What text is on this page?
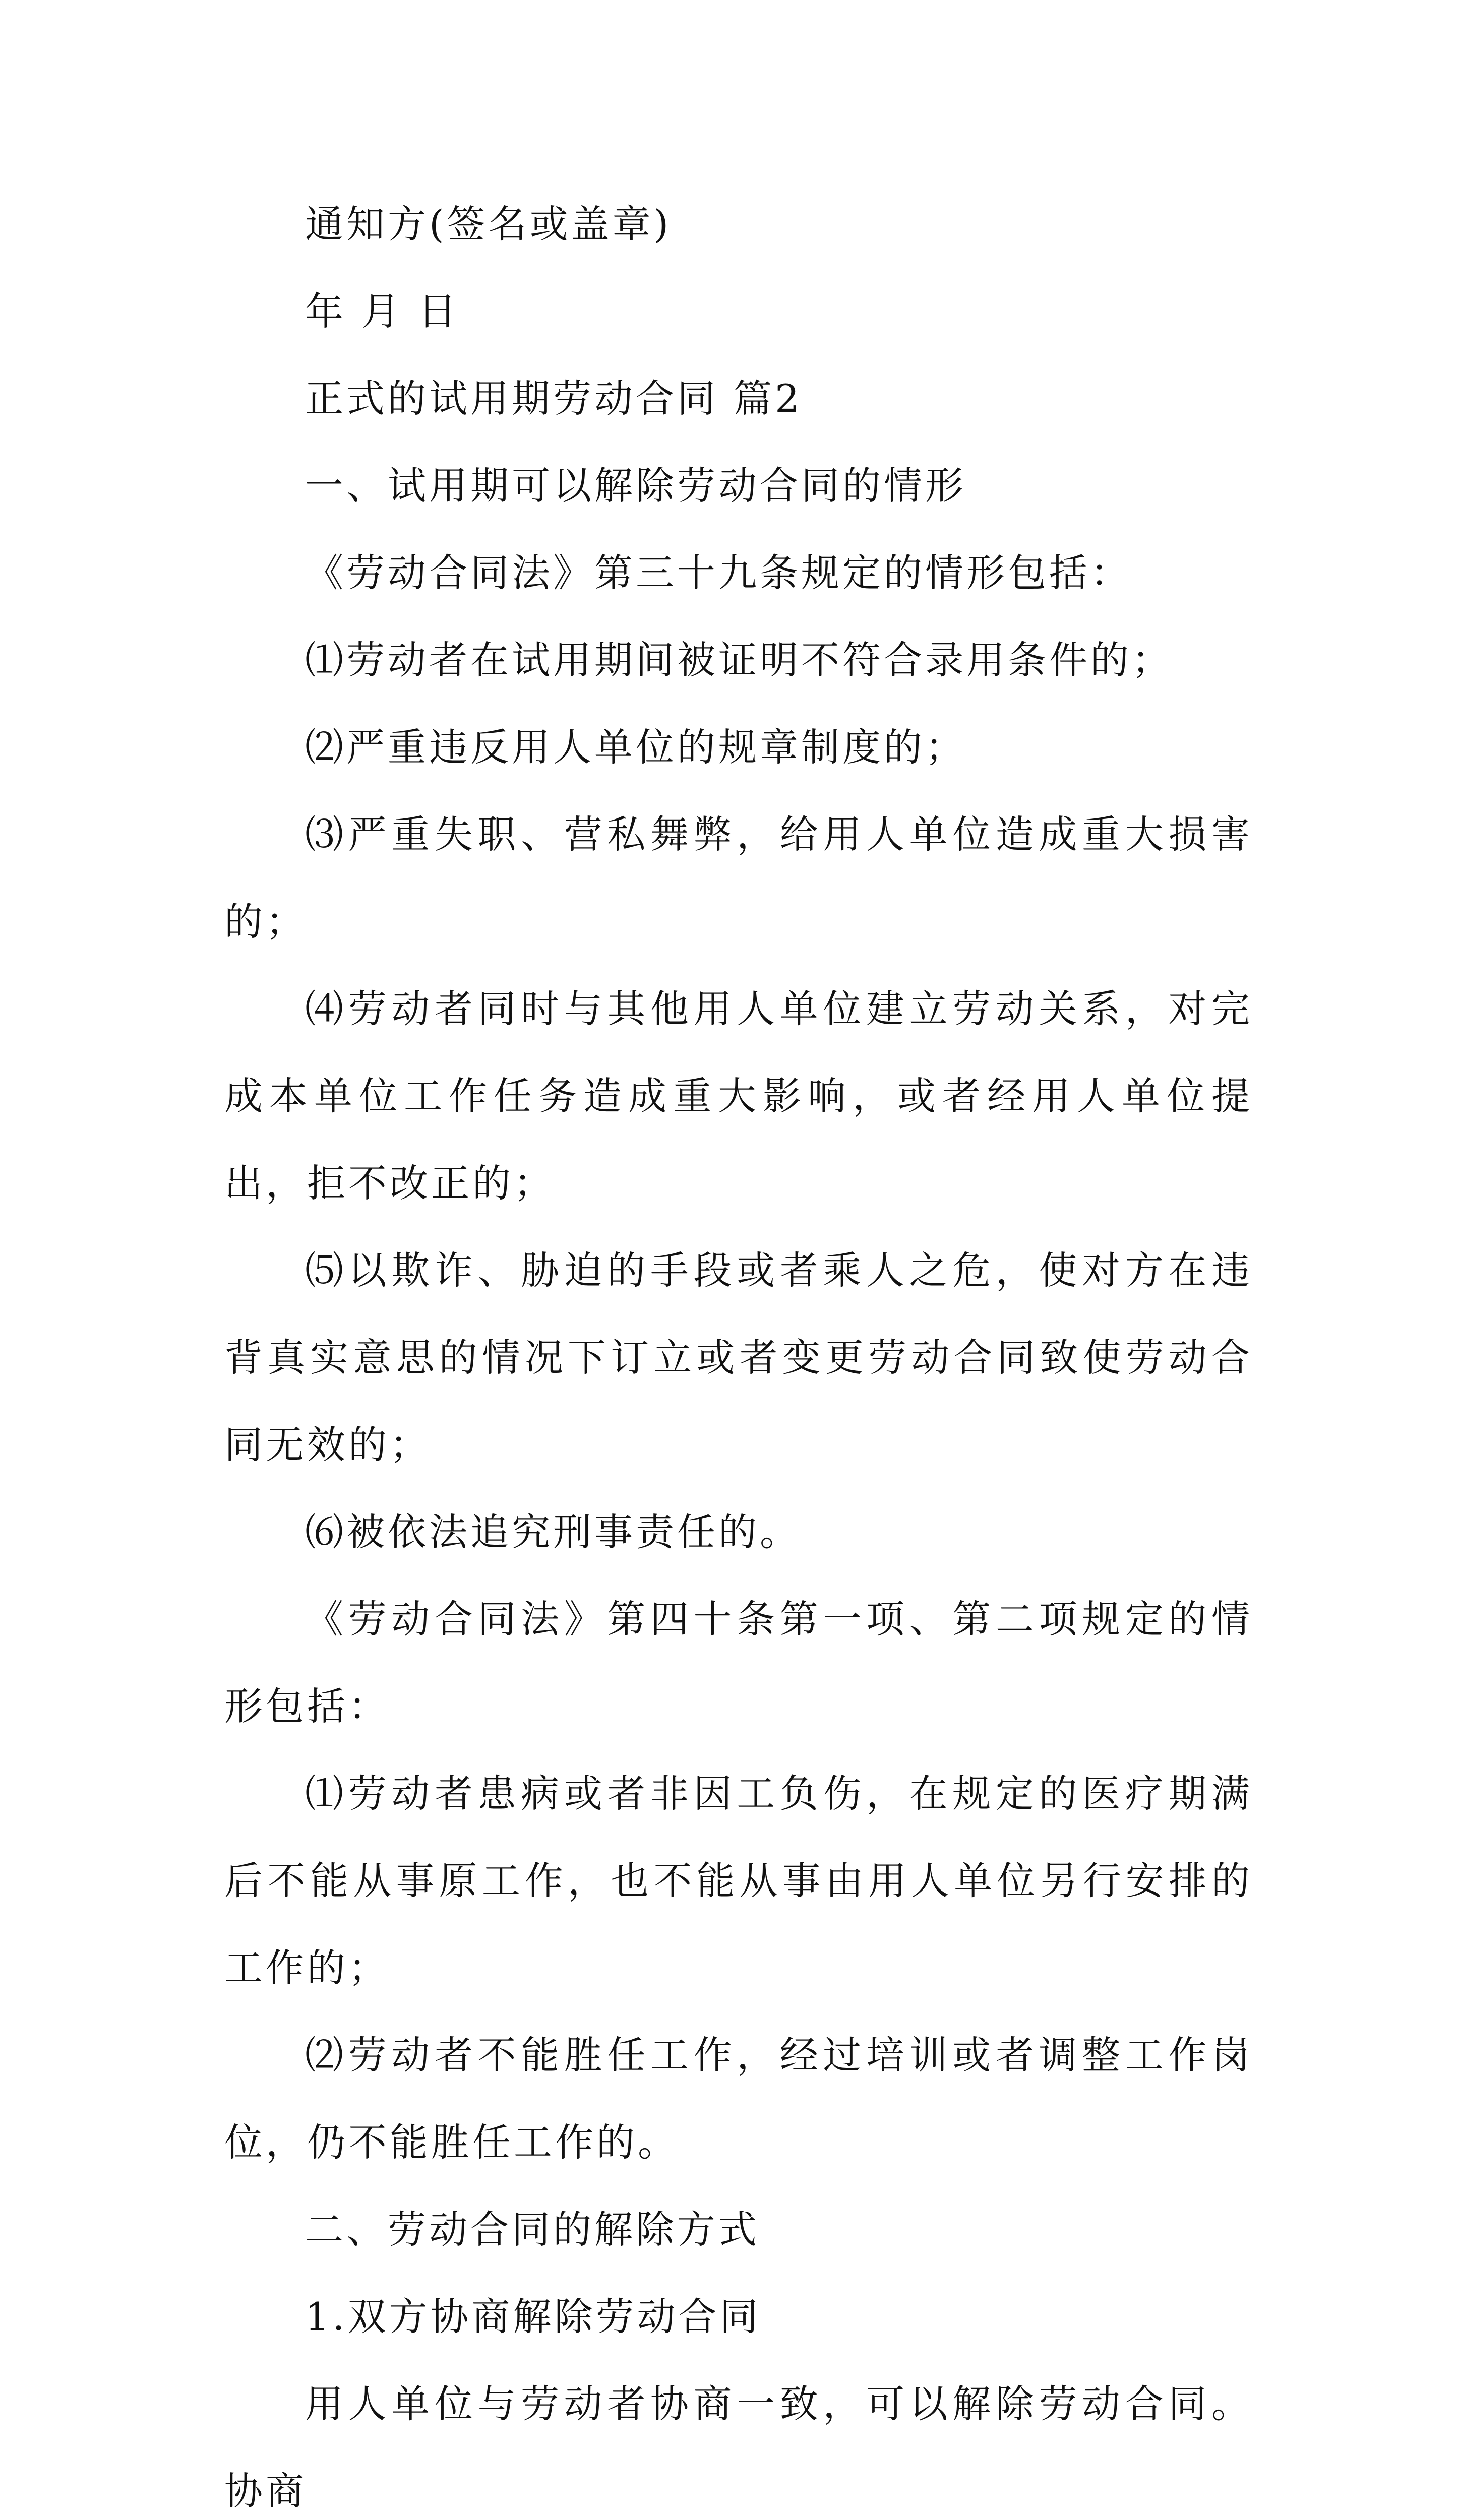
通知方(签名或盖章)

年 月 日

正式的试用期劳动合同 篇2

一、试用期可以解除劳动合同的情形

《劳动合同法》第三十九条规定的情形包括：

⑴劳动者在试用期间被证明不符合录用条件的；

⑵严重违反用人单位的规章制度的；

⑶严重失职、营私舞弊，给用人单位造成重大损害的；

⑷劳动者同时与其他用人单位建立劳动关系，对完成本单位工作任务造成重大影响，或者经用人单位提出，拒不改正的；

⑸以欺诈、胁迫的手段或者乘人之危，使对方在违背真实意思的情况下订立或者变更劳动合同致使劳动合同无效的；

⑹被依法追究刑事责任的。

《劳动合同法》第四十条第一项、第二项规定的情形包括：

⑴劳动者患病或者非因工负伤，在规定的医疗期满后不能从事原工作，也不能从事由用人单位另行安排的工作的；

⑵劳动者不能胜任工作，经过培训或者调整工作岗位，仍不能胜任工作的。

二、劳动合同的解除方式

1.双方协商解除劳动合同

用人单位与劳动者协商一致，可以解除劳动合同。协商
